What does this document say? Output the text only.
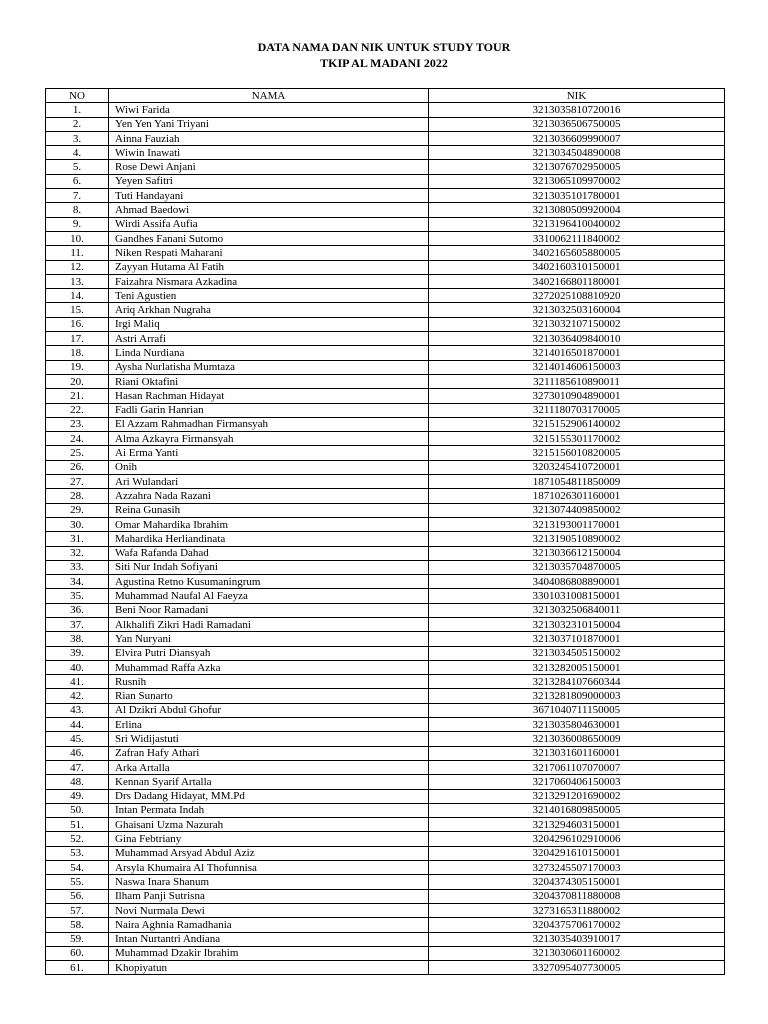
DATA NAMA DAN NIK UNTUK STUDY TOUR
TKIP AL MADANI 2022
NO	NAMA	NIK
1.	Wiwi Farida	3213035810720016
2.	Yen Yen Yani Triyani	3213036506750005
3.	Ainna Fauziah	3213036609990007
4.	Wiwin Inawati	3213034504890008
5.	Rose Dewi Anjani	3213076702950005
6.	Yeyen Safitri	3213065109970002
7.	Tuti Handayani	3213035101780001
8.	Ahmad Baedowi	3213080509920004
9.	Wirdi Assifa Aufia	3213196410040002
10.	Gandhes Fanani Sutomo	3310062111840002
11.	Niken Respati Maharani	3402165605880005
12.	Zayyan Hutama Al Fatih	3402160310150001
13.	Faizahra Nismara Azkadina	3402166801180001
14.	Teni Agustien	3272025108810920
15.	Ariq Arkhan Nugraha	3213032503160004
16.	Irgi Maliq	3213032107150002
17.	Astri Arrafi	3213036409840010
18.	Linda Nurdiana	3214016501870001
19.	Aysha Nurlatisha Mumtaza	3214014606150003
20.	Riani Oktafini	3211185610890011
21.	Hasan Rachman Hidayat	3273010904890001
22.	Fadli Garin Hanrian	3211180703170005
23.	El Azzam Rahmadhan Firmansyah	3215152906140002
24.	Alma Azkayra Firmansyah	3215155301170002
25.	Ai Erma Yanti	3215156010820005
26.	Onih	3203245410720001
27.	Ari Wulandari	1871054811850009
28.	Azzahra Nada Razani	1871026301160001
29.	Reina Gunasih	3213074409850002
30.	Omar Mahardika Ibrahim	3213193001170001
31.	Mahardika Herliandinata	3213190510890002
32.	Wafa Rafanda Dahad	3213036612150004
33.	Siti Nur Indah Sofiyani	3213035704870005
34.	Agustina Retno Kusumaningrum	3404086808890001
35.	Muhammad Naufal Al Faeyza	3301031008150001
36.	Beni Noor Ramadani	3213032506840011
37.	Alkhalifi Zikri Hadi Ramadani	3213032310150004
38.	Yan Nuryani	3213037101870001
39.	Elvira Putri Diansyah	3213034505150002
40.	Muhammad Raffa Azka	3213282005150001
41.	Rusnih	3213284107660344
42.	Rian Sunarto	3213281809000003
43.	Al Dzikri Abdul Ghofur	3671040711150005
44.	Erlina	3213035804630001
45.	Sri Widijastuti	3213036008650009
46.	Zafran Hafy Athari	3213031601160001
47.	Arka Artalla	3217061107070007
48.	Kennan Syarif Artalla	3217060406150003
49.	Drs Dadang Hidayat, MM.Pd	3213291201690002
50.	Intan Permata Indah	3214016809850005
51.	Ghaisani Uzma Nazurah	3213294603150001
52.	Gina Febtriany	3204296102910006
53.	Muhammad Arsyad Abdul Aziz	3204291610150001
54.	Arsyla Khumaira Al Thofunnisa	3273245507170003
55.	Naswa Inara Shanum	3204374305150001
56.	Ilham Panji Sutrisna	3204370811880008
57.	Novi Nurmala Dewi	3273165311880002
58.	Naira Aghnia Ramadhania	3204375706170002
59.	Intan Nurtantri Andiana	3213035403910017
60.	Muhammad Dzakir Ibrahim	3213030601160002
61.	Khopiyatun	3327095407730005
